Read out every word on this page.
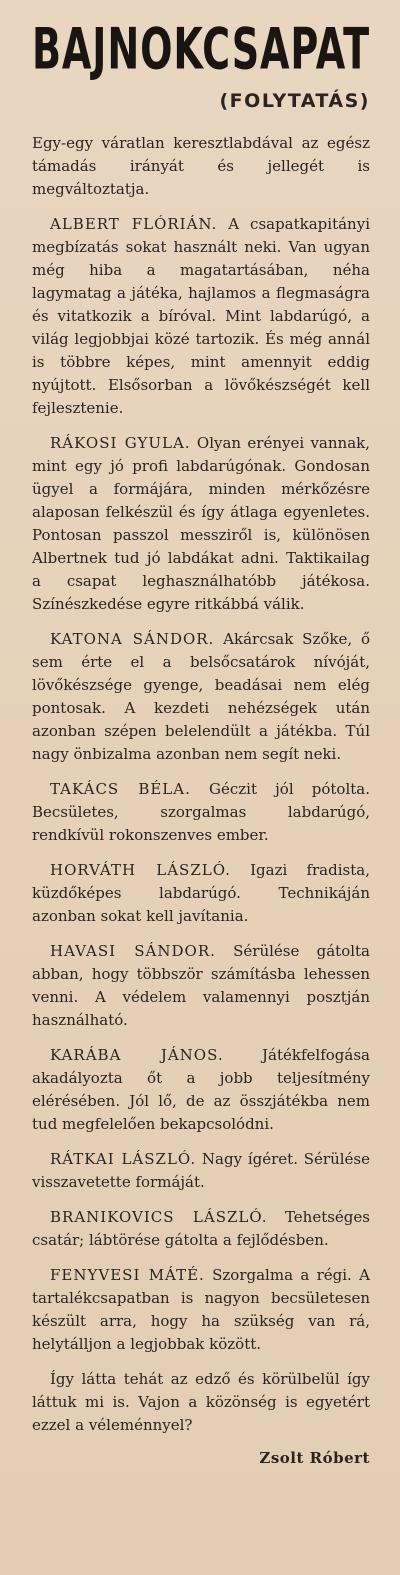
BAJNOKCSAPAT
(FOLYTATÁS)

Egy-egy váratlan keresztlabdával az egész támadás irányát és jellegét is megváltoztatja.

ALBERT FLÓRIÁN. A csapatkapitányi megbízatás sokat használt neki. Van ugyan még hiba a magatartásában, néha lagymatag a játéka, hajlamos a flegmaságra és vitatkozik a bíróval. Mint labdarúgó, a világ legjobbjai közé tartozik. És még annál is többre képes, mint amennyit eddig nyújtott. Elsősorban a lövőkészségét kell fejlesztenie.

RÁKOSI GYULA. Olyan erényei vannak, mint egy jó profi labdarúgónak. Gondosan ügyel a formájára, minden mérkőzésre alaposan felkészül és így átlaga egyenletes. Pontosan passzol messziről is, különösen Albertnek tud jó labdákat adni. Taktikailag a csapat leghasználhatóbb játékosa. Színészkedése egyre ritkábbá válik.

KATONA SÁNDOR. Akárcsak Szőke, ő sem érte el a belsőcsatárok nívóját, lövőkészsége gyenge, beadásai nem elég pontosak. A kezdeti nehézségek után azonban szépen belelendült a játékba. Túl nagy önbizalma azonban nem segít neki.

TAKÁCS BÉLA. Géczit jól pótolta. Becsületes, szorgalmas labdarúgó, rendkívül rokonszenves ember.

HORVÁTH LÁSZLÓ. Igazi fradista, küzdőképes labdarúgó. Technikáján azonban sokat kell javítania.

HAVASI SÁNDOR. Sérülése gátolta abban, hogy többször számításba lehessen venni. A védelem valamennyi posztján használható.

KARÁBA JÁNOS.	Játékfelfogása akadályozta őt a jobb teljesítmény elérésében. Jól lő, de az összjátékba nem tud megfelelően bekapcsolódni.

RÁTKAI LÁSZLÓ. Nagy ígéret. Sérülése visszavetette formáját.

BRANIKOVICS LÁSZLÓ. Tehetséges csatár; lábtörése gátolta a fejlődésben.

FENYVESI MÁTÉ. Szorgalma a régi. A tartalékcsapatban is nagyon becsületesen készült arra, hogy ha szükség van rá, helytálljon a legjobbak között.

Így látta tehát az edző és körülbelül így láttuk mi is. Vajon a közönség is egyetért ezzel a véleménnyel?

Zsolt Róbert
